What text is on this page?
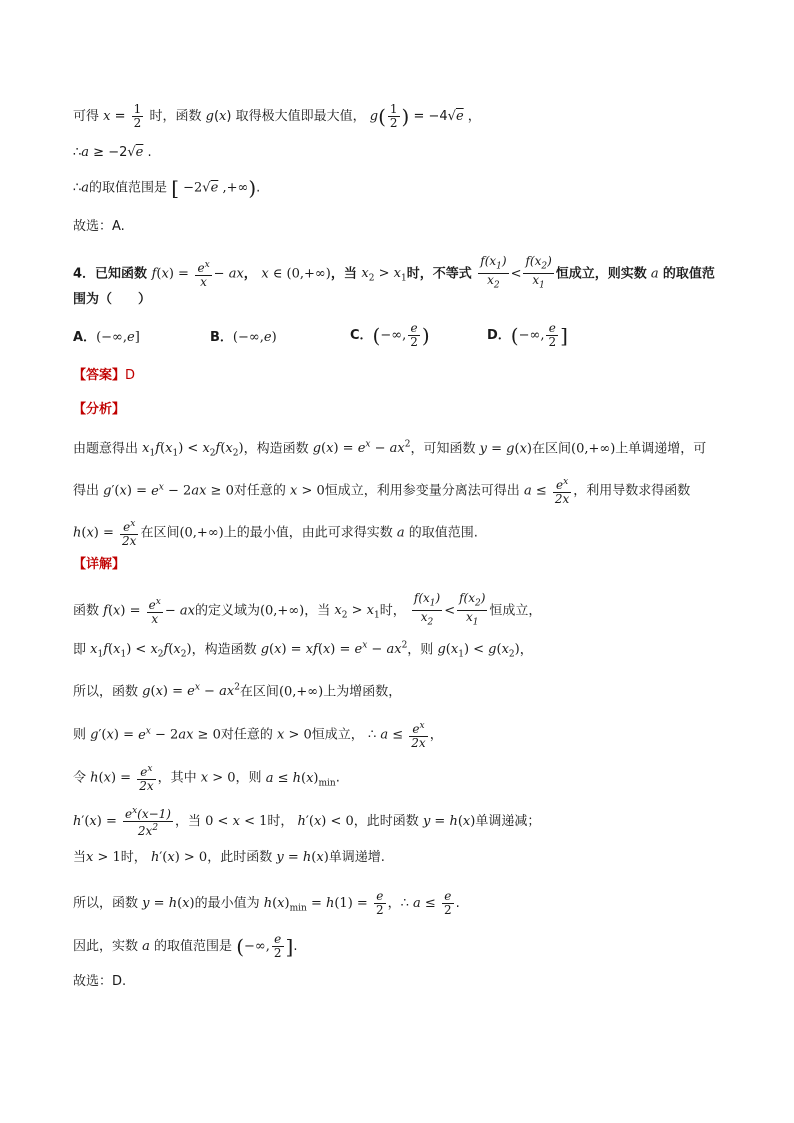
可得 $x = \frac{1}{2}$ 时，函数 g(x) 取得极大值即最大值， $g( \frac{1}{2}$ ) = −4√e ，
∴a ≥ −2√e .
∴a的取值范围是 [ −2√e ,+∞).
故选：A.
4．已知函数 $f(x) = \frac{e^x}{x}$ − ax， x ∈ (0,+∞)，当 $x_2 > x_1$时，不等式 $\frac{f(x_1)}{x_2} < \frac{f(x_2)}{x_1}$ 恒成立，则实数 a 的取值范
围为（　　）
A．(−∞,e]	B．(−∞,e)	C．(−∞, $\frac{e}{2}$ )	D．(−∞, $\frac{e}{2}$ ]
【答案】D
【分析】
由题意得出 $x_1f(x_1) < x_2f(x_2)$，构造函数 $g(x) = e^x - ax^2$，可知函数 y = g(x)在区间(0,+∞)上单调递增，可
得出 $g'(x) = e^x - 2ax \ge 0$对任意的 x > 0恒成立，利用参变量分离法可得出 $a \le \frac{e^x}{2x}$ ，利用导数求得函数
$h(x) = \frac{e^x}{2x}$ 在区间(0,+∞)上的最小值，由此可求得实数 a 的取值范围.
【详解】
函数 $f(x) = \frac{e^x}{x}$ − ax的定义域为(0,+∞)，当 $x_2 > x_1$时， $\frac{f(x_1)}{x_2} < \frac{f(x_2)}{x_1}$ 恒成立，
即 $x_1f(x_1) < x_2f(x_2)$，构造函数 $g(x) = xf(x) = e^x - ax^2$，则 $g(x_1) < g(x_2)$，
所以，函数 $g(x) = e^x - ax^2$在区间(0,+∞)上为增函数，
则 $g'(x) = e^x - 2ax \ge 0$对任意的 x > 0恒成立， ∴ $a \le \frac{e^x}{2x}$ ，
令 $h(x) = \frac{e^x}{2x}$ ，其中 x > 0，则 $a \le h(x)_{min}$.
$h'(x) = \frac{e^x(x-1)}{2x^2}$ ，当 0 < x < 1时， h′(x) < 0，此时函数 y = h(x)单调递减；
当x > 1时， h′(x) > 0，此时函数 y = h(x)单调递增.
所以，函数 y = h(x)的最小值为 $h(x)_{min} = h(1) = \frac{e}{2}$ ，∴ $a \le \frac{e}{2}$ .
因此，实数 a 的取值范围是 (−∞, $\frac{e}{2}$ ].
故选：D.
